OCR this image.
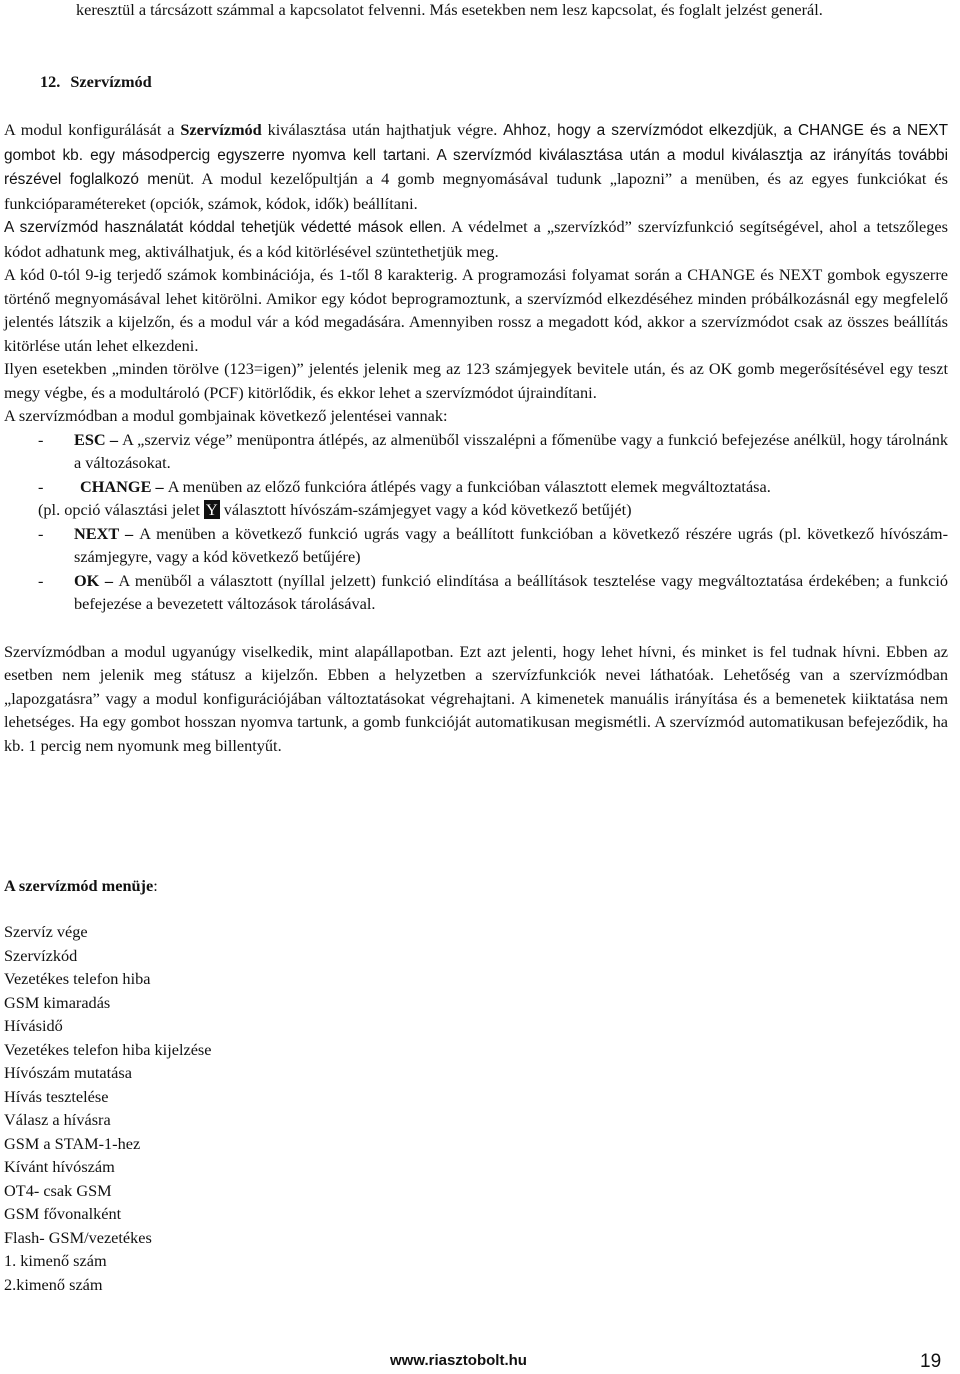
keresztül a tárcsázott számmal a kapcsolatot felvenni. Más esetekben nem lesz kapcsolat, és foglalt jelzést generál.

12. Szervízmód

A modul konfigurálását a Szervízmód kiválasztása után hajthatjuk végre. Ahhoz, hogy a szervízmódot elkezdjük, a CHANGE és a NEXT gombot kb. egy másodpercig egyszerre nyomva kell tartani. A szervízmód kiválasztása után a modul kiválasztja az irányítás további részével foglalkozó menüt. A modul kezelőpultján a 4 gomb megnyomásával tudunk „lapozni” a menüben, és az egyes funkciókat és funkcióparamétereket (opciók, számok, kódok, idők) beállítani.

A szervízmód használatát kóddal tehetjük védetté mások ellen. A védelmet a „szervízkód” szervízfunkció segítségével, ahol a tetszőleges kódot adhatunk meg, aktiválhatjuk, és a kód kitörlésével szüntethetjük meg.

A kód 0-tól 9-ig terjedő számok kombinációja, és 1-től 8 karakterig. A programozási folyamat során a CHANGE és NEXT gombok egyszerre történő megnyomásával lehet kitörölni. Amikor egy kódot beprogramoztunk, a szervízmód elkezdéséhez minden próbálkozásnál egy megfelelő jelentés látszik a kijelzőn, és a modul vár a kód megadására. Amennyiben rossz a megadott kód, akkor a szervízmódot csak az összes beállítás kitörlése után lehet elkezdeni.

Ilyen esetekben „minden törölve (123=igen)” jelentés jelenik meg az 123 számjegyek bevitele után, és az OK gomb megerősítésével egy teszt megy végbe, és a modultároló (PCF) kitörlődik, és ekkor lehet a szervízmódot újraindítani.

A szervízmódban a modul gombjainak következő jelentései vannak:

-	ESC – A „szerviz vége” menüpontra átlépés, az almenüből visszalépni a főmenübe vagy a funkció befejezése anélkül, hogy tárolnánk a változásokat.
-	CHANGE – A menüben az előző funkcióra átlépés vagy a funkcióban választott elemek megváltoztatása.

(pl. opció választási jelet Y választott hívószám-számjegyet vagy a kód következő betűjét)

-	NEXT – A menüben a következő funkció ugrás vagy a beállított funkcióban a következő részére ugrás (pl. következő hívószám-számjegyre, vagy a kód következő betűjére)
-	OK – A menüből a választott (nyíllal jelzett) funkció elindítása a beállítások tesztelése vagy megváltoztatása érdekében; a funkció befejezése a bevezetett változások tárolásával.

Szervízmódban a modul ugyanúgy viselkedik, mint alapállapotban. Ezt azt jelenti, hogy lehet hívni, és minket is fel tudnak hívni. Ebben az esetben nem jelenik meg státusz a kijelzőn. Ebben a helyzetben a szervízfunkciók nevei láthatóak. Lehetőség van a szervízmódban „lapozgatásra” vagy a modul konfigurációjában változtatásokat végrehajtani. A kimenetek manuális irányítása és a bemenetek kiiktatása nem lehetséges. Ha egy gombot hosszan nyomva tartunk, a gomb funkcióját automatikusan megismétli. A szervízmód automatikusan befejeződik, ha kb. 1 percig nem nyomunk meg billentyűt.

A szervízmód menüje:
Szervíz vége
Szervízkód
Vezetékes telefon hiba
GSM kimaradás
Hívásidő
Vezetékes telefon hiba kijelzése
Hívószám mutatása
Hívás tesztelése
Válasz a hívásra
GSM a STAM-1-hez
Kívánt hívószám
OT4- csak GSM
GSM fővonalként
Flash- GSM/vezetékes
1. kimenő szám
2.kimenő szám
www.riasztobolt.hu	19
